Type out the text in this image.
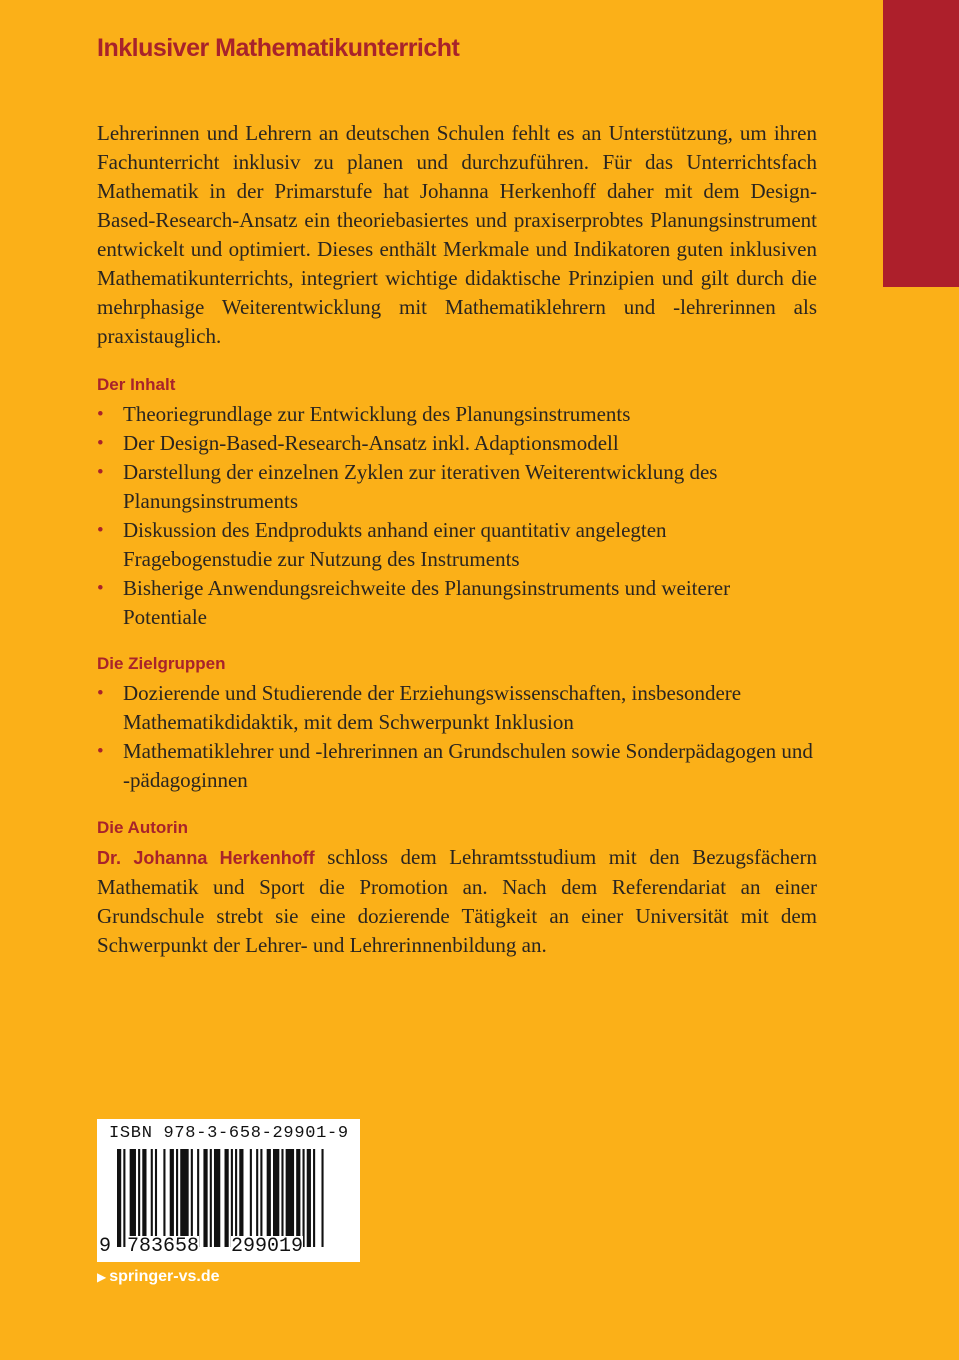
Inklusiver Mathematikunterricht

Lehrerinnen und Lehrern an deutschen Schulen fehlt es an Unterstützung, um ihren Fachunterricht inklusiv zu planen und durchzuführen. Für das Unterrichtsfach Mathematik in der Primarstufe hat Johanna Herkenhoff daher mit dem Design-Based-Research-Ansatz ein theoriebasiertes und praxiserprobtes Planungsinstrument entwickelt und optimiert. Dieses enthält Merkmale und Indikatoren guten inklusiven Mathematikunterrichts, integriert wichtige didaktische Prinzipien und gilt durch die mehrphasige Weiterentwicklung mit Mathematiklehrern und -lehrerinnen als praxistauglich.

Der Inhalt
• Theoriegrundlage zur Entwicklung des Planungsinstruments
• Der Design-Based-Research-Ansatz inkl. Adaptionsmodell
• Darstellung der einzelnen Zyklen zur iterativen Weiterentwicklung des Planungsinstruments
• Diskussion des Endprodukts anhand einer quantitativ angelegten Fragebogenstudie zur Nutzung des Instruments
• Bisherige Anwendungsreichweite des Planungsinstruments und weiterer Potentiale
Die Zielgruppen
• Dozierende und Studierende der Erziehungswissenschaften, insbesondere Mathematikdidaktik, mit dem Schwerpunkt Inklusion
• Mathematiklehrer und -lehrerinnen an Grundschulen sowie Sonderpädagogen und -pädagoginnen
Die Autorin

Dr. Johanna Herkenhoff schloss dem Lehramtsstudium mit den Bezugsfächern Mathematik und Sport die Promotion an. Nach dem Referendariat an einer Grundschule strebt sie eine dozierende Tätigkeit an einer Universität mit dem Schwerpunkt der Lehrer- und Lehrerinnenbildung an.

ISBN 978-3-658-29901-9
9 783658 299019
▶ springer-vs.de
